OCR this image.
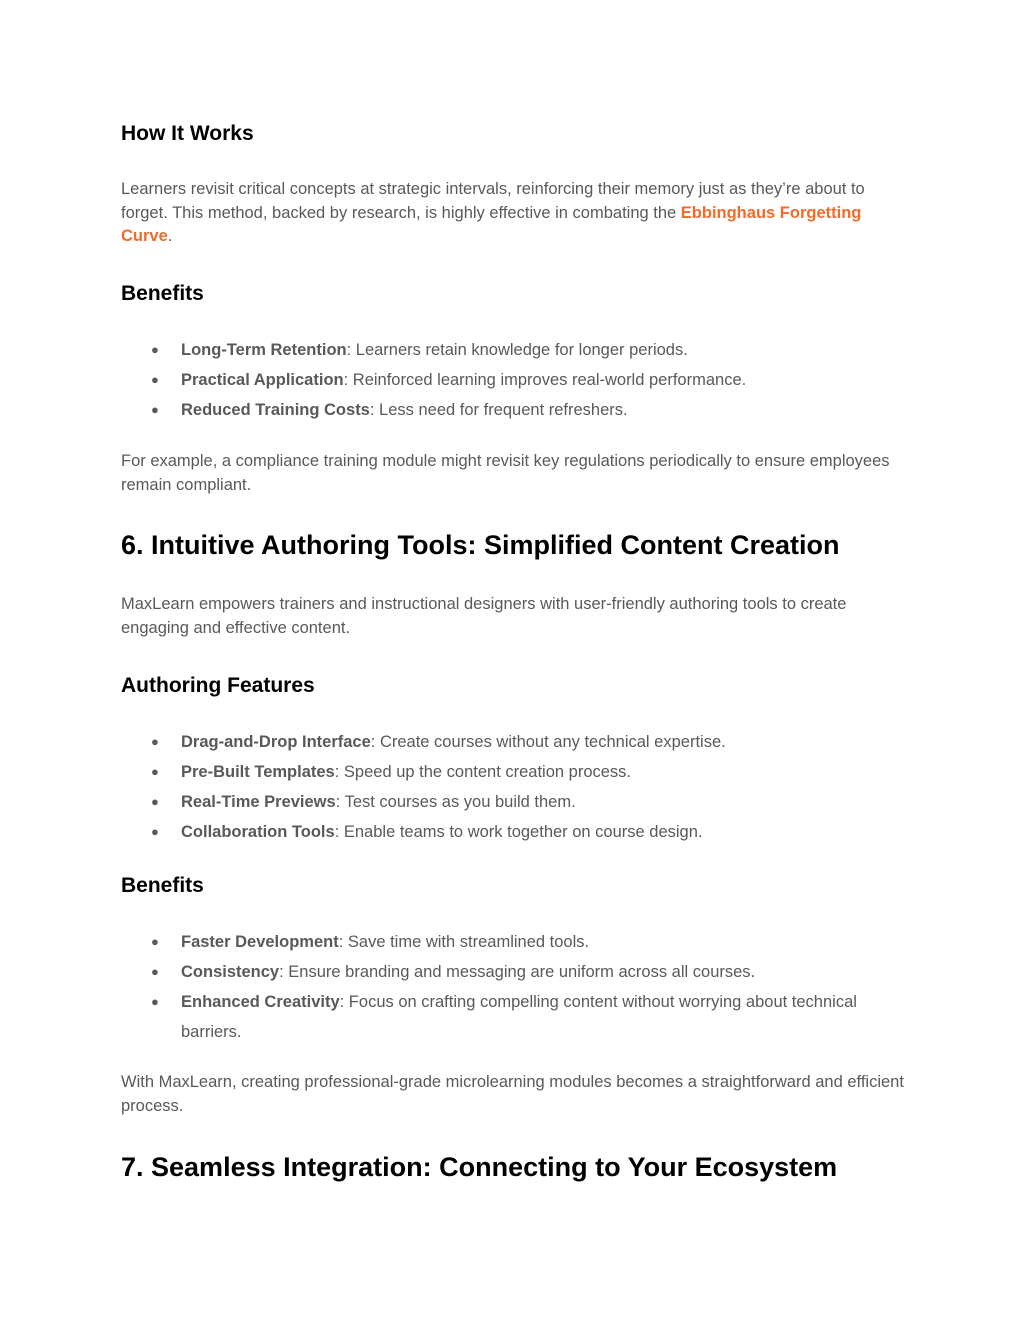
How It Works

Learners revisit critical concepts at strategic intervals, reinforcing their memory just as they’re about to forget. This method, backed by research, is highly effective in combating the Ebbinghaus Forgetting Curve.

Benefits
● Long-Term Retention: Learners retain knowledge for longer periods.
● Practical Application: Reinforced learning improves real-world performance.
● Reduced Training Costs: Less need for frequent refreshers.

For example, a compliance training module might revisit key regulations periodically to ensure employees remain compliant.

6. Intuitive Authoring Tools: Simplified Content Creation

MaxLearn empowers trainers and instructional designers with user-friendly authoring tools to create engaging and effective content.

Authoring Features
● Drag-and-Drop Interface: Create courses without any technical expertise.
● Pre-Built Templates: Speed up the content creation process.
● Real-Time Previews: Test courses as you build them.
● Collaboration Tools: Enable teams to work together on course design.
Benefits
● Faster Development: Save time with streamlined tools.
● Consistency: Ensure branding and messaging are uniform across all courses.
● Enhanced Creativity: Focus on crafting compelling content without worrying about technical barriers.

With MaxLearn, creating professional-grade microlearning modules becomes a straightforward and efficient process.

7. Seamless Integration: Connecting to Your Ecosystem
